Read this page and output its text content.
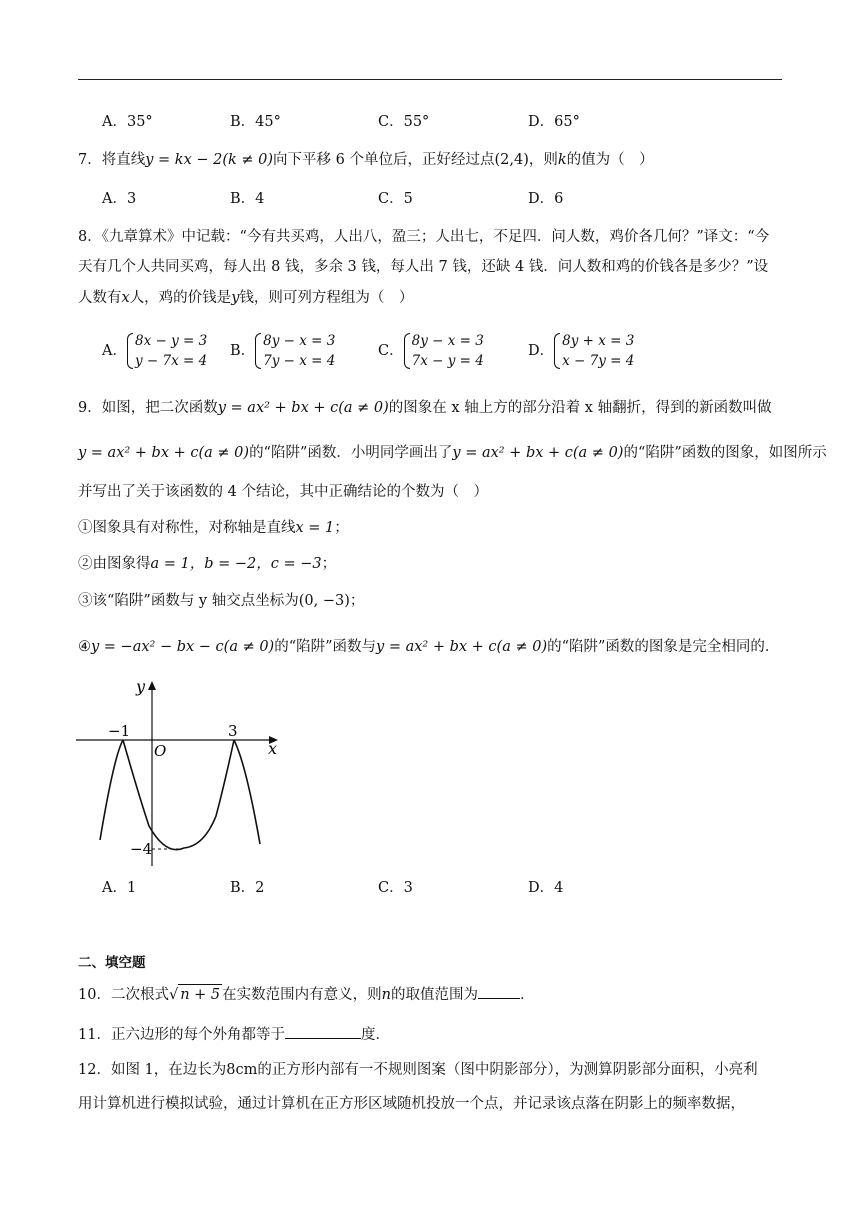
A．35°	B．45°	C．55°	D．65°
7．将直线y = kx − 2(k ≠ 0)向下平移 6 个单位后，正好经过点(2,4)，则k的值为（　）
A．3	B．4	C．5	D．6
8．《九章算术》中记载：“今有共买鸡，人出八，盈三；人出七，不足四．问人数，鸡价各几何？”译文：“今
天有几个人共同买鸡，每人出 8 钱，多余 3 钱，每人出 7 钱，还缺 4 钱．问人数和鸡的价钱各是多少？”设
人数有x人，鸡的价钱是y钱，则可列方程组为（　）
A．
8x − y = 3
y − 7x = 4
B．
8y − x = 3
7y − x = 4
C．
8y − x = 3
7x − y = 4
D．
8y + x = 3
x − 7y = 4
9．如图，把二次函数y = ax² + bx + c(a ≠ 0)的图象在 x 轴上方的部分沿着 x 轴翻折，得到的新函数叫做
y = ax² + bx + c(a ≠ 0)的“陷阱”函数．小明同学画出了y = ax² + bx + c(a ≠ 0)的“陷阱”函数的图象，如图所示
并写出了关于该函数的 4 个结论，其中正确结论的个数为（　）
①图象具有对称性，对称轴是直线x = 1；
②由图象得a = 1，b = −2，c = −3；
③该“陷阱”函数与 y 轴交点坐标为(0, −3)；
④y = −ax² − bx − c(a ≠ 0)的“陷阱”函数与y = ax² + bx + c(a ≠ 0)的“陷阱”函数的图象是完全相同的．
y
x
O
−1	3
−4
A．1	B．2	C．3	D．4
二、填空题
10．二次根式√ n + 5 在实数范围内有意义，则n的取值范围为	．
11．正六边形的每个外角都等于	度．
12．如图 1，在边长为8cm的正方形内部有一不规则图案（图中阴影部分），为测算阴影部分面积，小亮利
用计算机进行模拟试验，通过计算机在正方形区域随机投放一个点，并记录该点落在阴影上的频率数据，
